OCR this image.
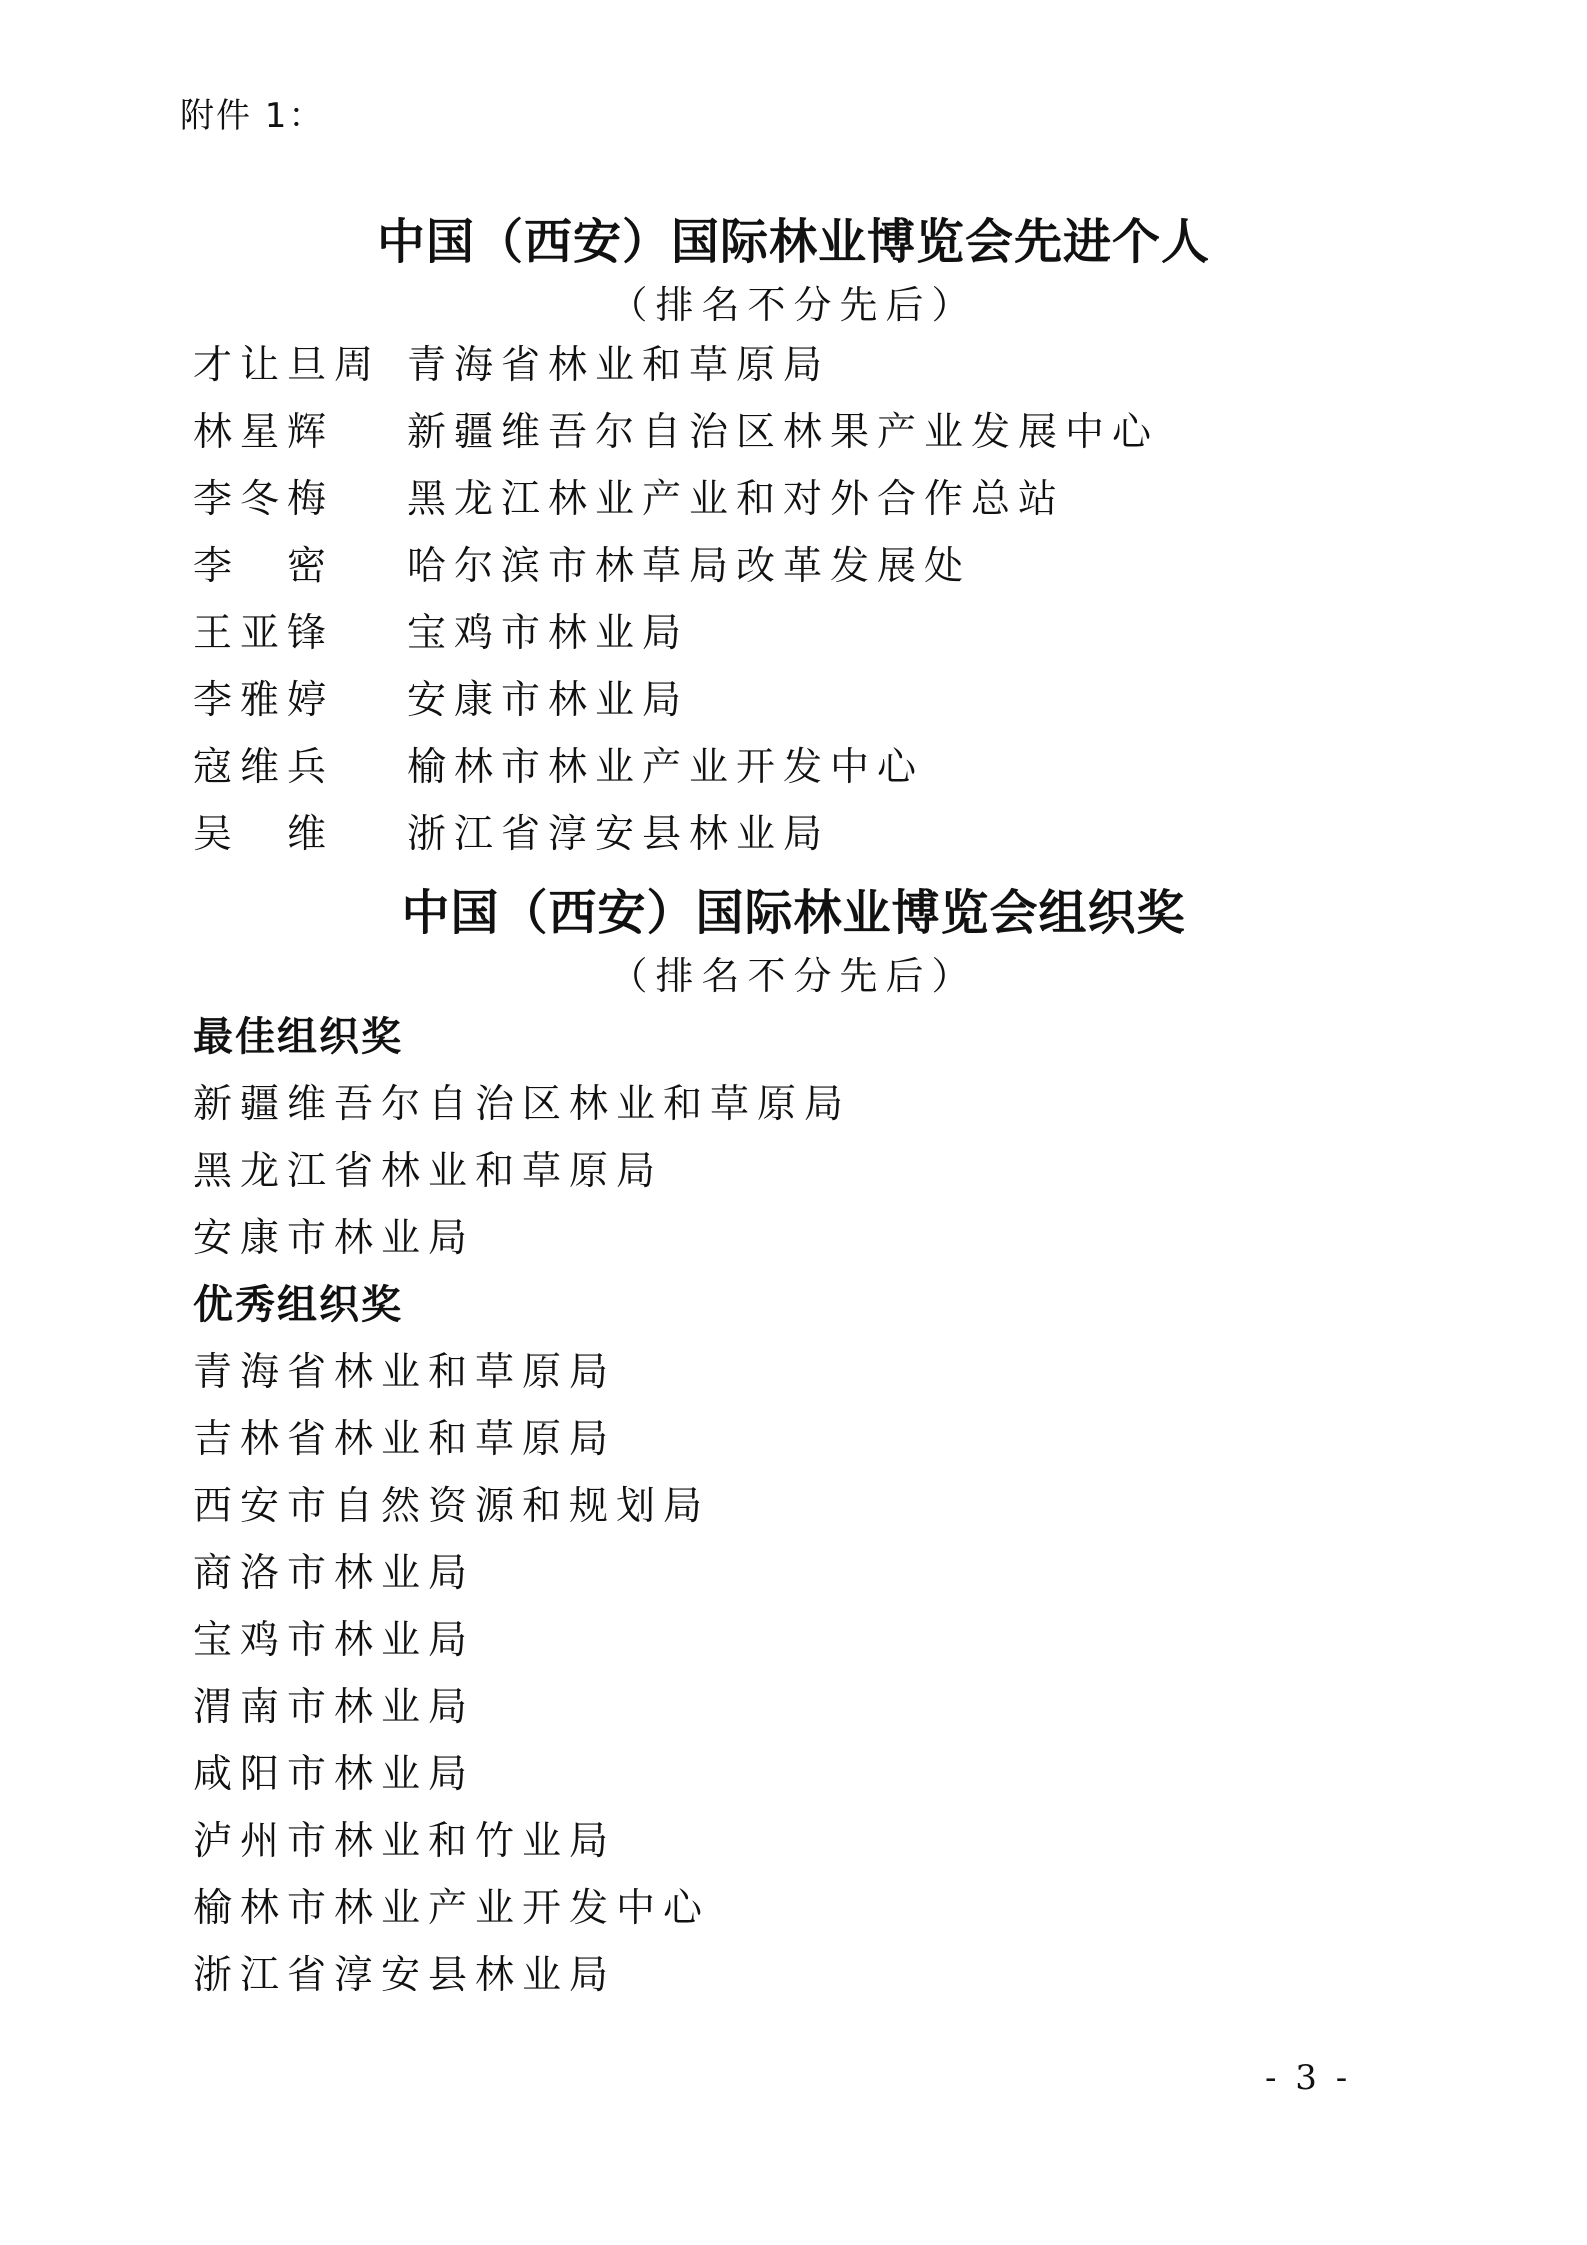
附件 1：
中国（西安）国际林业博览会先进个人
（排名不分先后）
才让旦周 青海省林业和草原局
林星辉 新疆维吾尔自治区林果产业发展中心
李冬梅 黑龙江林业产业和对外合作总站
李　密 哈尔滨市林草局改革发展处
王亚锋 宝鸡市林业局
李雅婷 安康市林业局
寇维兵 榆林市林业产业开发中心
吴　维 浙江省淳安县林业局
中国（西安）国际林业博览会组织奖
（排名不分先后）
最佳组织奖
新疆维吾尔自治区林业和草原局
黑龙江省林业和草原局
安康市林业局
优秀组织奖
青海省林业和草原局
吉林省林业和草原局
西安市自然资源和规划局
商洛市林业局
宝鸡市林业局
渭南市林业局
咸阳市林业局
泸州市林业和竹业局
榆林市林业产业开发中心
浙江省淳安县林业局
- 3 -
